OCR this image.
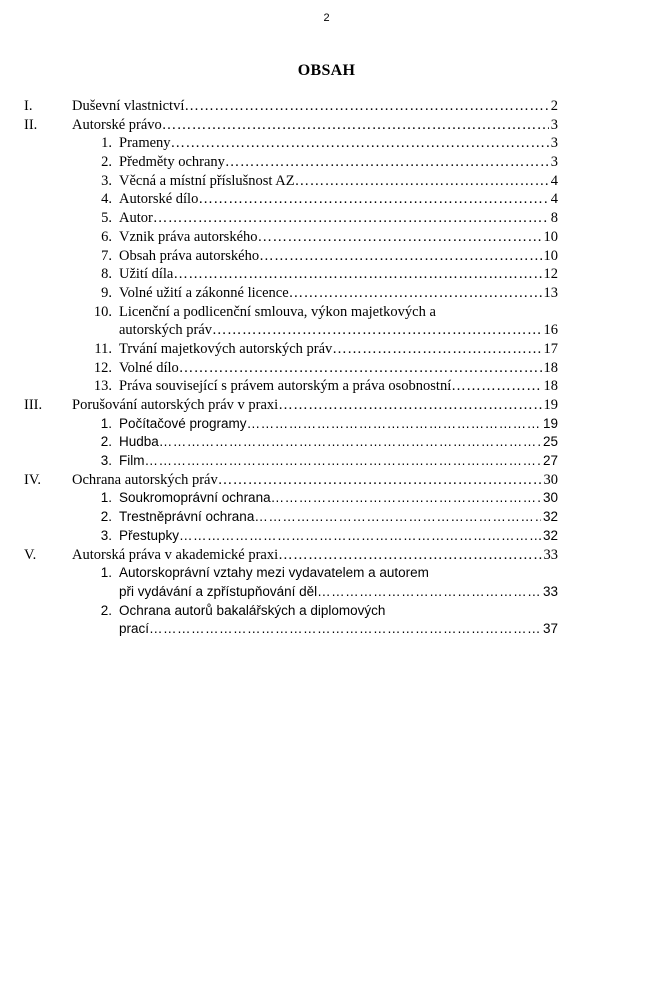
2
OBSAH
I.	Duševní vlastnictví ………………………………………………………………………………………………………………………………………………	2
II. Autorské právo ………………………………………………………………………………………………………………………………………………	3
1. Prameny ………………………………………………………………………………………………………………………………………………	3
2. Předměty ochrany ………………………………………………………………………………………………………………………………………………	3
3. Věcná a místní příslušnost AZ ………………………………………………………………………………………………………………………………………………	4
4. Autorské dílo ………………………………………………………………………………………………………………………………………………	4
5. Autor ………………………………………………………………………………………………………………………………………………	8
6. Vznik práva autorského ………………………………………………………………………………………………………………………………………………	10
7. Obsah práva autorského ………………………………………………………………………………………………………………………………………………	10
8. Užití díla ………………………………………………………………………………………………………………………………………………	12
9. Volné užití a zákonné licence ………………………………………………………………………………………………………………………………………………	13
10. Licenční a podlicenční smlouva, výkon majetkových a
autorských práv ………………………………………………………………………………………………………………………………………………	16
11. Trvání majetkových autorských práv ………………………………………………………………………………………………………………………………………………	17
12. Volné dílo ………………………………………………………………………………………………………………………………………………	18
13. Práva související s právem autorským a práva osobnostní ………………………………………………………………………………………………………………………………………………	18
III. Porušování autorských práv v praxi ………………………………………………………………………………………………………………………………………………	19
1. Počítačové programy ………………………………………………………………………………………………………………………………………………	19
2. Hudba ………………………………………………………………………………………………………………………………………………	25
3. Film ………………………………………………………………………………………………………………………………………………	27
IV. Ochrana autorských práv ………………………………………………………………………………………………………………………………………………	30
1. Soukromoprávní ochrana ………………………………………………………………………………………………………………………………………………	30
2. Trestněprávní ochrana ………………………………………………………………………………………………………………………………………………	32
3. Přestupky ………………………………………………………………………………………………………………………………………………	32
V. Autorská práva v akademické praxi ………………………………………………………………………………………………………………………………………………	33
1. Autorskoprávní vztahy mezi vydavatelem a autorem
při vydávání a zpřístupňování děl ………………………………………………………………………………………………………………………………………………	33
2. Ochrana autorů bakalářských a diplomových
prací ………………………………………………………………………………………………………………………………………………	37
